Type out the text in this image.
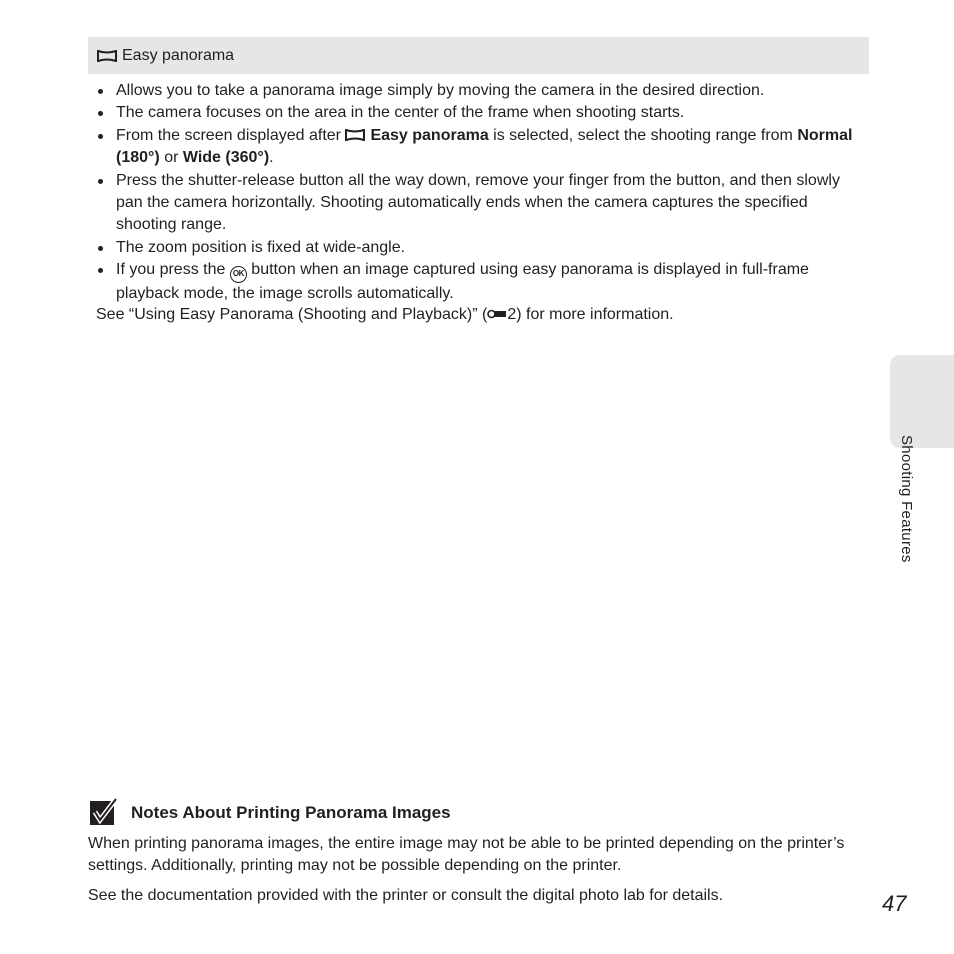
Easy panorama
Allows you to take a panorama image simply by moving the camera in the desired direction.
The camera focuses on the area in the center of the frame when shooting starts.
From the screen displayed after
Easy panorama is selected, select the shooting range from Normal (180°) or Wide (360°).
Press the shutter-release button all the way down, remove your finger from the button, and then slowly pan the camera horizontally. Shooting automatically ends when the camera captures the specified shooting range.
The zoom position is fixed at wide-angle.
If you press the OK button when an image captured using easy panorama is displayed in full-frame playback mode, the image scrolls automatically.
See “Using Easy Panorama (Shooting and Playback)” ( 2) for more information.
Shooting Features
Notes About Printing Panorama Images

When printing panorama images, the entire image may not be able to be printed depending on the printer’s settings. Additionally, printing may not be possible depending on the printer.

See the documentation provided with the printer or consult the digital photo lab for details.	47
